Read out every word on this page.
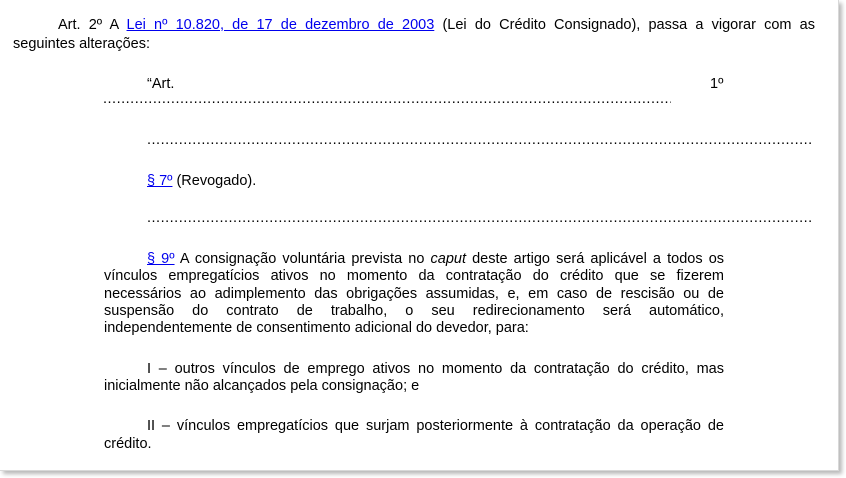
Art. 2º A Lei nº 10.820, de 17 de dezembro de 2003 (Lei do Crédito Consignado), passa a vigorar com as
seguintes alterações:
“Art.	1º
.....
.....
§ 7º (Revogado).
.....
§ 9º A consignação voluntária prevista no caput deste artigo será aplicável a todos os
vínculos empregatícios ativos no momento da contratação do crédito que se fizerem
necessários ao adimplemento das obrigações assumidas, e, em caso de rescisão ou de
suspensão do contrato de trabalho, o seu redirecionamento será automático,
independentemente de consentimento adicional do devedor, para:
I – outros vínculos de emprego ativos no momento da contratação do crédito, mas
inicialmente não alcançados pela consignação; e
II – vínculos empregatícios que surjam posteriormente à contratação da operação de
crédito.
